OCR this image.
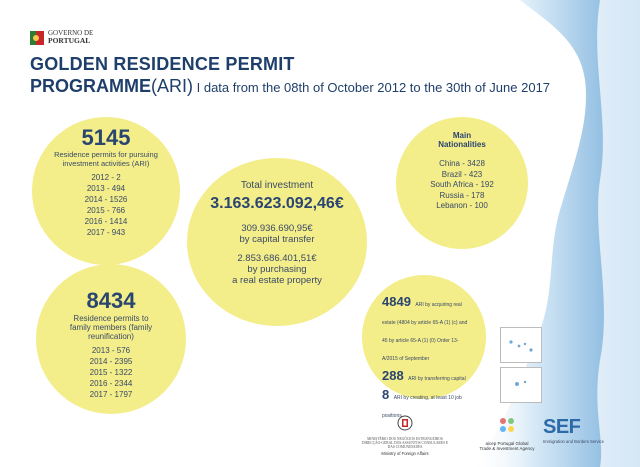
GOVERNO DE
PORTUGAL
GOLDEN RESIDENCE PERMIT
PROGRAMME(ARI) I data from the 08th of October 2012 to the 30th of June 2017
5145
Residence permits for pursuing investment activities (ARI)
2012 - 2
2013 - 494
2014 - 1526
2015 - 766
2016 - 1414
2017 - 943
8434
Residence permits to family members (family reunification)
2013 - 576
2014 - 2395
2015 - 1322
2016 - 2344
2017 - 1797
Total investment
3.163.623.092,46€
309.936.690,95€
by capital transfer
2.853.686.401,51€
by purchasing
a real estate property
Main
Nationalities
China - 3428
Brazil - 423
South Africa - 192
Russia - 178
Lebanon - 100
4849 ARI by acquiring real estate (4804 by article 65-A (1) (c) and 45 by article 65-A (1) (0) Order 13-A/2015 of September
288 ARI by transferring capital
8 ARI by creating, at least 10 job positions
MINISTÉRIO DOS NEGÓCIOS ESTRANGEIROS
DIRECÇÃO-GERAL DOS ASSUNTOS CONSULARES E
DAS COMUNIDADES
Ministry of Foreign Affairs
aicep Portugal Global
Trade & Investment Agency
SEF
Immigration and Borders Service
